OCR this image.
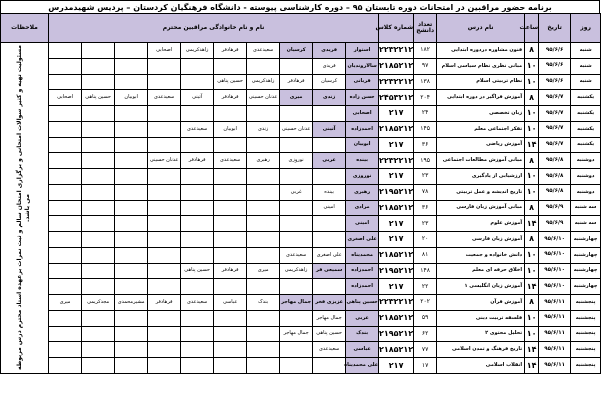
برنامه حضور مراقبین در امتحانات دوره تابستان ۹۵ – دوره کارشناسی پیوسته - دانشگاه فرهنگیان کردستان – پردیس شهیدمدرس
روز	تاریخ	ساعت	نام درس	تعداد دانشج	شماره کلاس	نام و نام خانوادگی مراقبین محترم										ملاحظات
شنبه	۹۵/۶/۶	۸	فنون مشاوره دردوره ابتدایی	۱۸۲	۲۲۳۲۲۱۲	استوار	فریدی	کرسیان	سعیدعدی	فرهادفر	زاهدکریمی	اصحابی				مسئولیت تهیه و کثیر سوالات امتحانی و برگزاری امتحان سالم و ثبت نمرات برعهده استاد محترم درس مربوطه می باشد.

شنبه	۹۵/۶/۶	۱۰	مبانی نظری نظام سیاسی اسلام	۹۷	۲۱۸۵۲۱۲	سالاروندیان	فریدی									
شنبه	۹۵/۶/۶	۱۰	نظام تربیتی اسلام	۱۳۸	۲۲۳۲۲۱۲	قربانی	کرسیان	فرهادفر	زاهدکریمی	حسین پناهی						
یکشنبه	۹۵/۶/۷	۸	آموزش فراگیر در دوره ابتدایی	۲۰۴	۲۴۵۳۲۱۲	حسن زاده	زندی	میری	عدنان حسینی	فرهادفر	آتینی	سعیدعدی	ابوبیان	حسین پناهی	اصحابی	
یکشنبه	۹۵/۶/۷	۱۰	زبان تخصصی	۲۴	۲۱۷	اصحابی										
یکشنبه	۹۵/۶/۷	۱۰	تفکر اجتماعی معلم	۱۴۵	۲۱۸۵۲۱۲	احمدزاده	آتینی	عدنان حسینی	زندی	ابوبیان	سعیدعدی					
یکشنبه	۹۵/۶/۷	۱۴	آموزش ریاضی	۳۶	۲۱۷	ابوبیان										
دوشنبه	۹۵/۶/۸	۸	مبانی آموزش مطالعات اجتماعی	۱۹۵	۲۲۳۲۲۱۲	بینده	عربی	نوروزی	رهبری	سعیدعدی	فرهادفر	عدنان حسینی				
دوشنبه	۹۵/۶/۸	۱۰	ارزشیابی از یادگیری	۲۳	۲۱۷	نوروزی										
دوشنبه	۹۵/۶/۸	۱۰	تاریخ اندیشه و عمل تربیتی	۷۸	۲۱۹۵۲۱۲	رهبری	بینده	غربی								
سه شنبه	۹۵/۶/۹	۸	مبانی آموزش زبان فارسی	۳۶	۲۱۸۵۲۱۲	مرادی	امینی									
سه شنبه	۹۵/۶/۹	۱۴	آموزش علوم	۲۳	۲۱۷	امینی										
چهارشنبه	۹۵/۶/۱۰	۸	آموزش زبان فارسی	۲۰	۲۱۷	علی اصغری										
چهارشنبه	۹۵/۶/۱۰	۱۰	دانش خانواده و جمعیت	۸۱	۲۱۸۵۲۱۲	محمدیناه	علی اصغری	سعیدعدی								
چهارشنبه	۹۵/۶/۱۰	۱۰	اخلاق حرفه ای معلم	۱۴۸	۲۱۹۵۲۱۲	احمدزاده	سمیعی فر	زاهدکریمی	میری	فرهادفر	حسین پناهی					
چهارشنبه	۹۵/۶/۱۰	۱۴	آموزش زبان انگلیسی ۱	۲۲	۲۱۷	احمدزاده										
پنجشنبه	۹۵/۶/۱۱	۸	آموزش قرآن	۲۰۲	۲۲۳۲۲۱۲	حسین پناهی	عزیزی فخر	جمال مهاجر	بندک	عباسی	سعیدعدی	فرهادفر	مشیرمحمدی	مجدکریمی	میری	
پنجشنبه	۹۵/۶/۱۱	۱۰	فلسفه تربیت دینی	۵۹	۲۱۸۵۲۱۲	عربی	جمال مهاجر									
پنجشنبه	۹۵/۶/۱۱	۱۰	تحلیل محتوی ۲	۶۲	۲۱۹۵۲۱۲	بندک	حسین پناهی	جمال مهاجر								
پنجشنبه	۹۵/۶/۱۱	۱۴	تاریخ فرهنگ و تمدن اسلامی	۷۷	۲۱۸۵۲۱۲	عباسی	سعیدعدی									
پنجشنبه	۹۵/۶/۱۱	۱۴	انقلاب اسلامی	۱۷	۲۱۷	علی محمدیناه										
